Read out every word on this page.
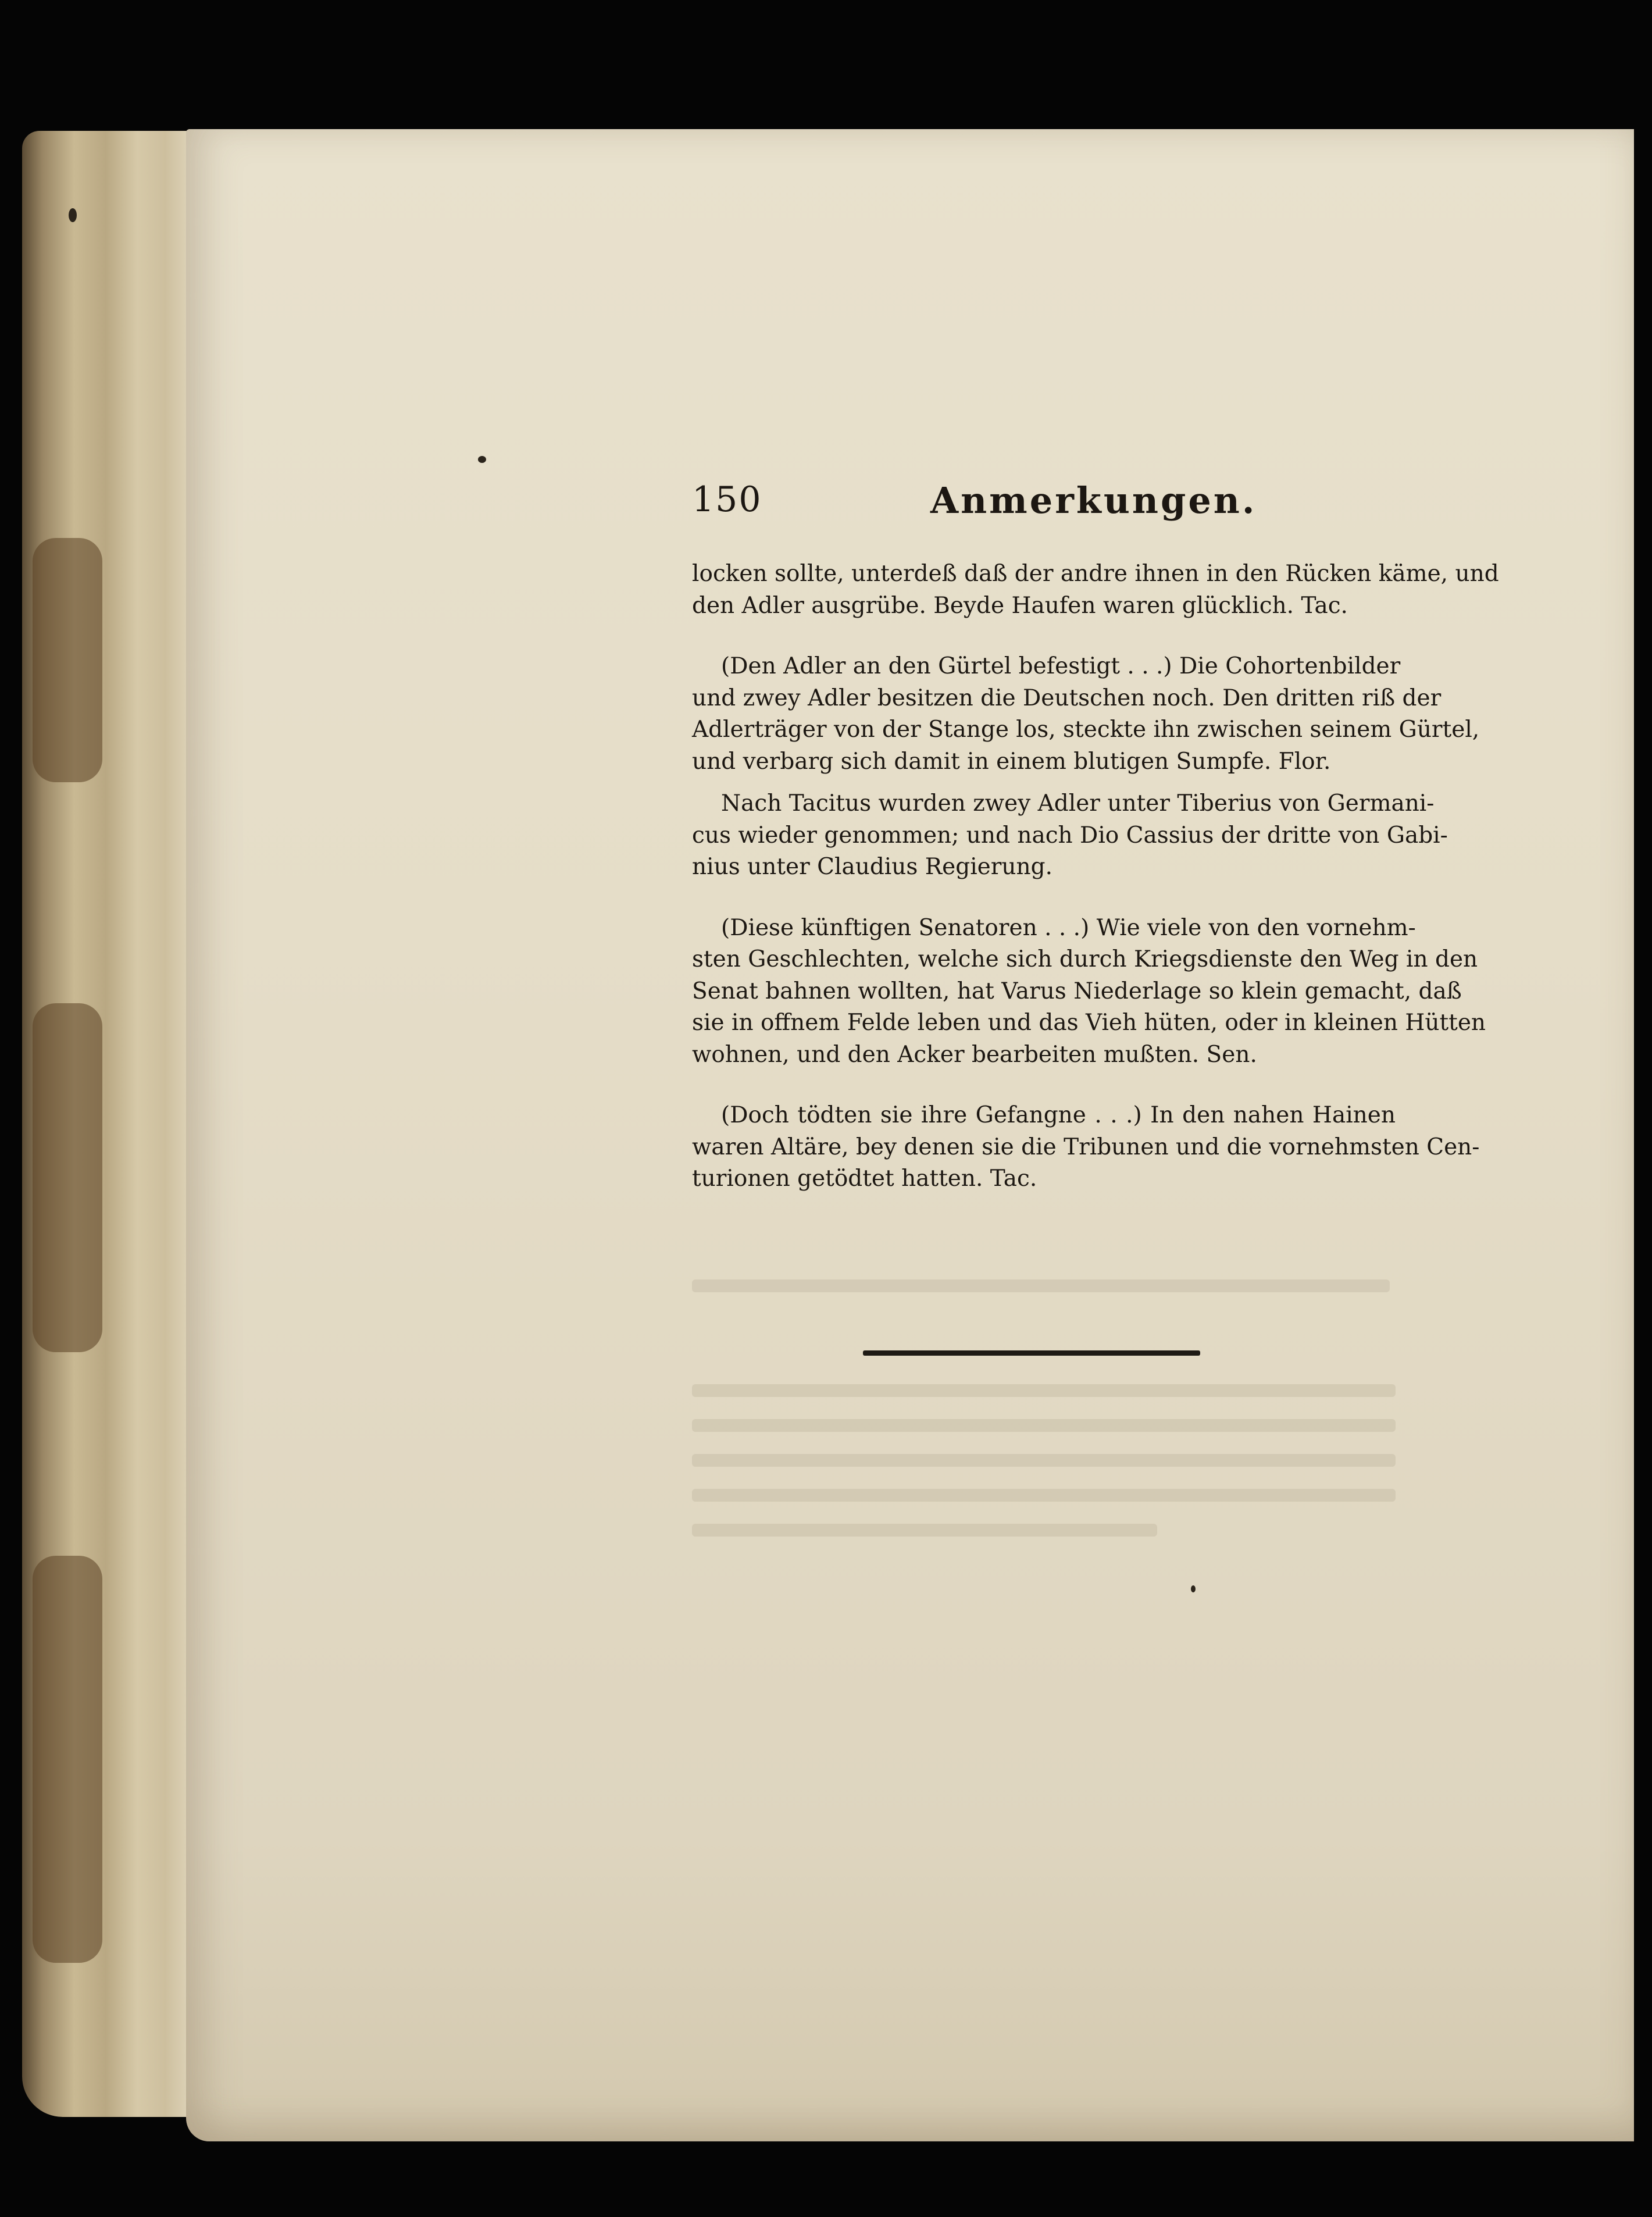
150	Anmerkungen.
locken sollte, unterdeß daß der andre ihnen in den Rücken käme, und
den Adler ausgrübe. Beyde Haufen waren glücklich. Tac.
(Den Adler an den Gürtel befestigt . . .) Die Cohortenbilder
und zwey Adler besitzen die Deutschen noch. Den dritten riß der
Adlerträger von der Stange los, steckte ihn zwischen seinem Gürtel,
und verbarg sich damit in einem blutigen Sumpfe. Flor.
Nach Tacitus wurden zwey Adler unter Tiberius von Germani-
cus wieder genommen; und nach Dio Cassius der dritte von Gabi-
nius unter Claudius Regierung.
(Diese künftigen Senatoren . . .) Wie viele von den vornehm-
sten Geschlechten, welche sich durch Kriegsdienste den Weg in den
Senat bahnen wollten, hat Varus Niederlage so klein gemacht, daß
sie in offnem Felde leben und das Vieh hüten, oder in kleinen Hütten
wohnen, und den Acker bearbeiten mußten. Sen.
(Doch tödten sie ihre Gefangne . . .) In den nahen Hainen
waren Altäre, bey denen sie die Tribunen und die vornehmsten Cen-
turionen getödtet hatten. Tac.
